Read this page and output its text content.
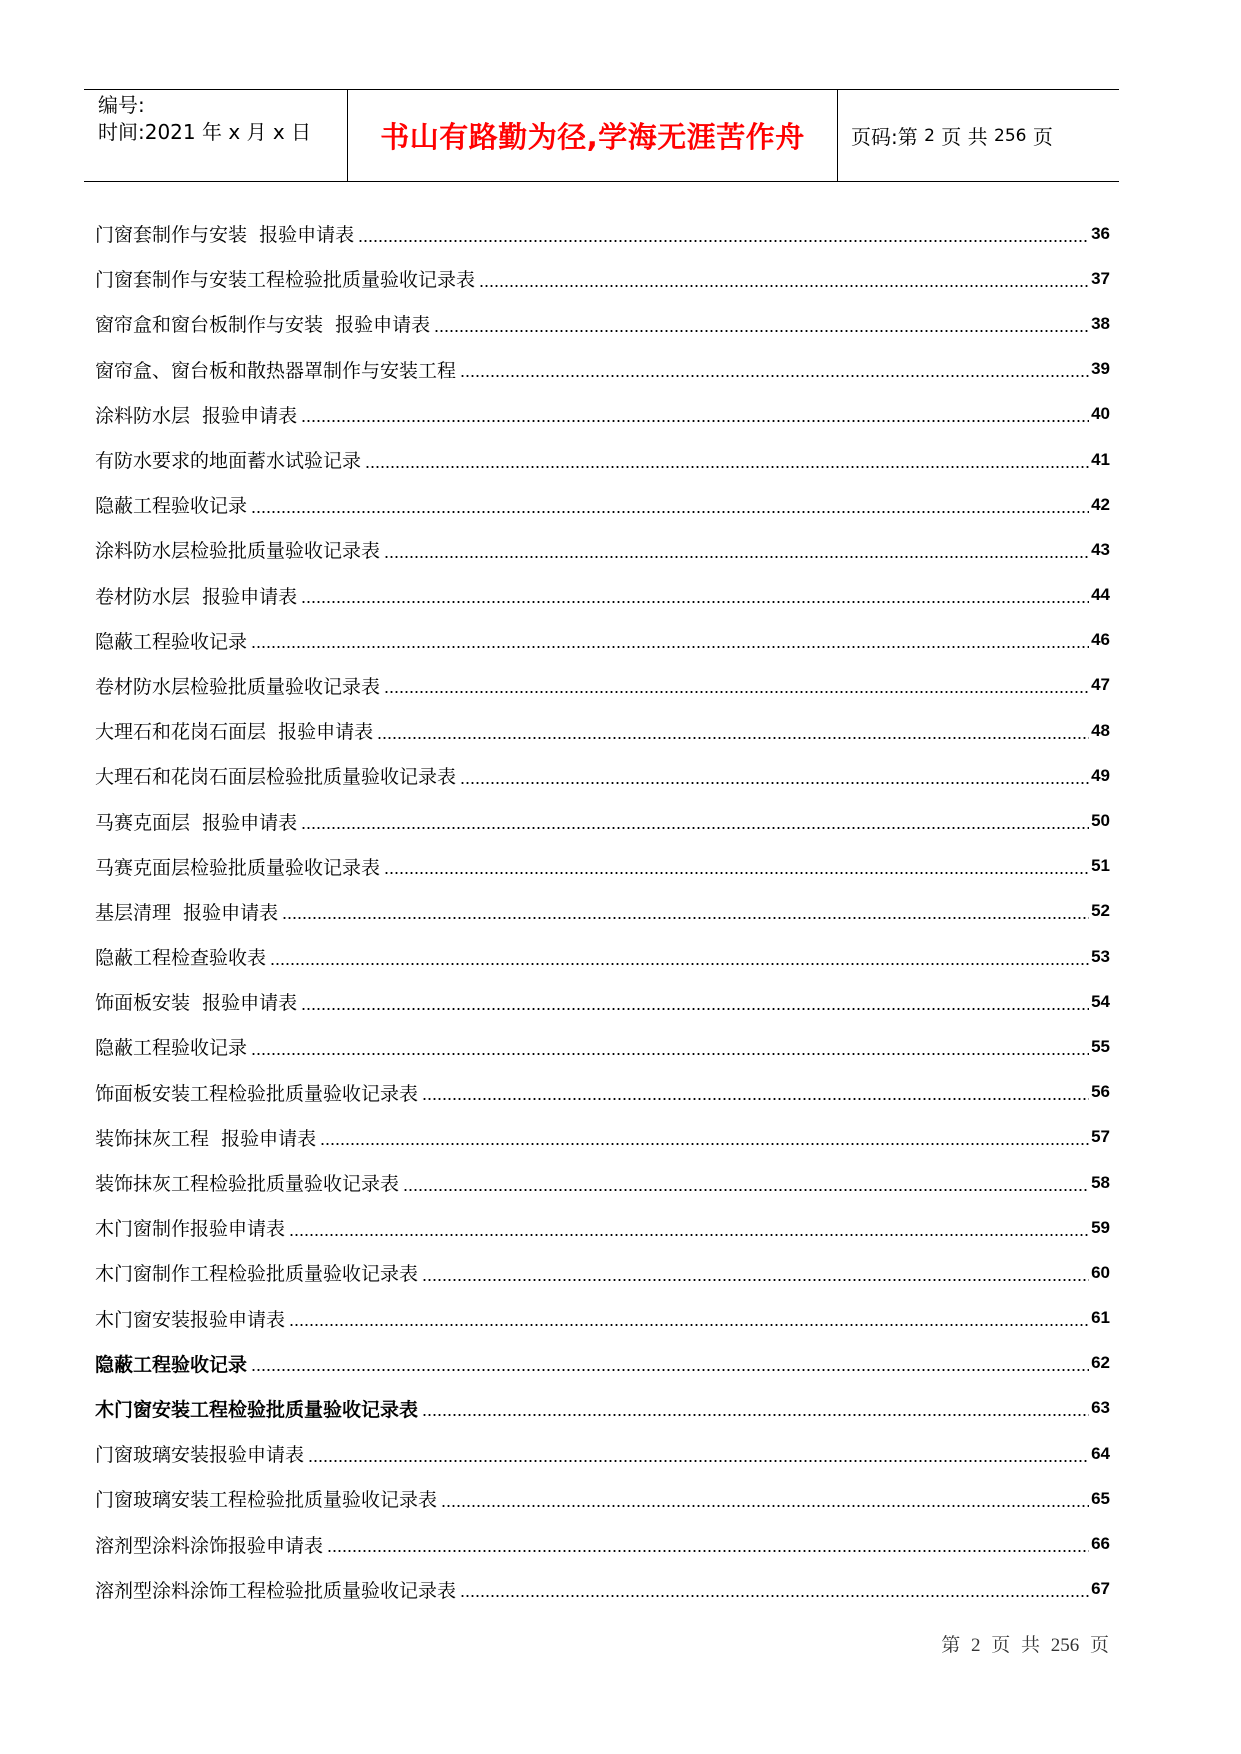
编号:
时间:2021 年 x 月 x 日	书山有路勤为径,学海无涯苦作舟	页码:第 2 页 共 256 页
门窗套制作与安装  报验申请表	36
门窗套制作与安装工程检验批质量验收记录表	37
窗帘盒和窗台板制作与安装  报验申请表	38
窗帘盒、窗台板和散热器罩制作与安装工程	39
涂料防水层  报验申请表	40
有防水要求的地面蓄水试验记录	41
隐蔽工程验收记录	42
涂料防水层检验批质量验收记录表	43
卷材防水层  报验申请表	44
隐蔽工程验收记录	46
卷材防水层检验批质量验收记录表	47
大理石和花岗石面层  报验申请表	48
大理石和花岗石面层检验批质量验收记录表	49
马赛克面层  报验申请表	50
马赛克面层检验批质量验收记录表	51
基层清理  报验申请表	52
隐蔽工程检查验收表	53
饰面板安装  报验申请表	54
隐蔽工程验收记录	55
饰面板安装工程检验批质量验收记录表	56
装饰抹灰工程  报验申请表	57
装饰抹灰工程检验批质量验收记录表	58
木门窗制作报验申请表	59
木门窗制作工程检验批质量验收记录表	60
木门窗安装报验申请表	61
隐蔽工程验收记录	62
木门窗安装工程检验批质量验收记录表	63
门窗玻璃安装报验申请表	64
门窗玻璃安装工程检验批质量验收记录表	65
溶剂型涂料涂饰报验申请表	66
溶剂型涂料涂饰工程检验批质量验收记录表	67
第 2 页 共 256 页
